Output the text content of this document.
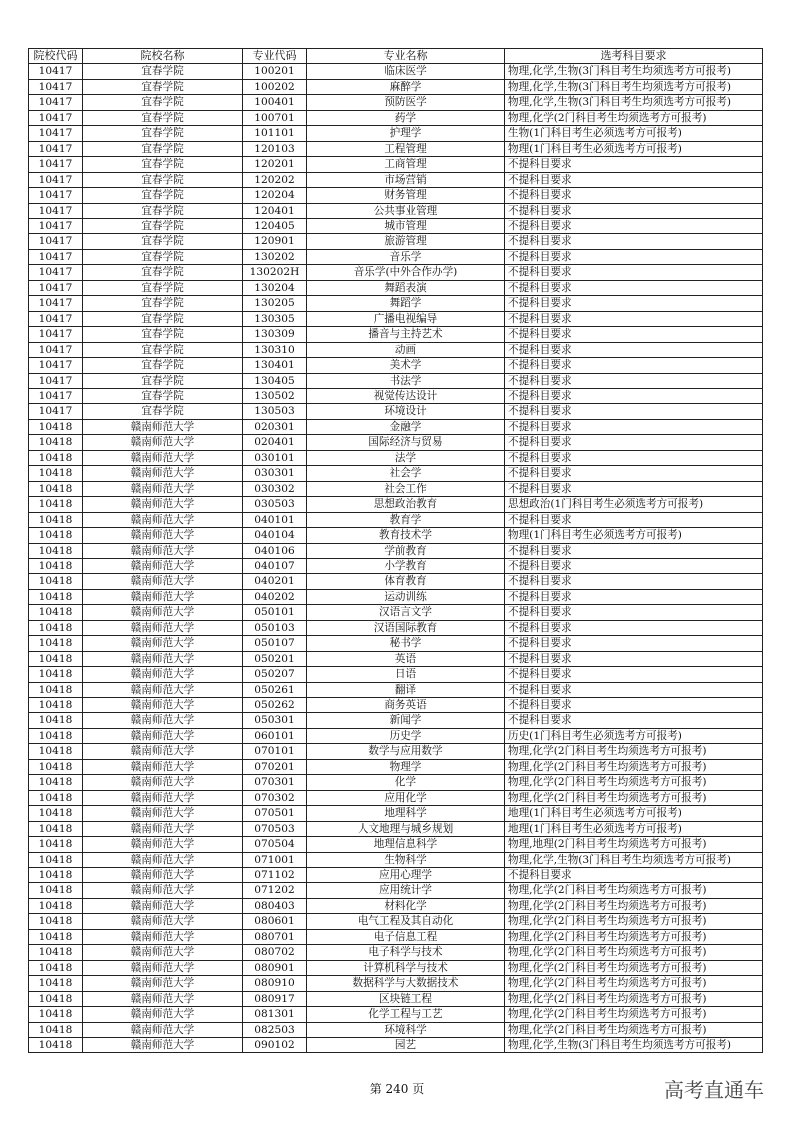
院校代码	院校名称	专业代码	专业名称	选考科目要求
10417	宜春学院	100201	临床医学	物理,化学,生物(3门科目考生均须选考方可报考)
10417	宜春学院	100202	麻醉学	物理,化学,生物(3门科目考生均须选考方可报考)
10417	宜春学院	100401	预防医学	物理,化学,生物(3门科目考生均须选考方可报考)
10417	宜春学院	100701	药学	物理,化学(2门科目考生均须选考方可报考)
10417	宜春学院	101101	护理学	生物(1门科目考生必须选考方可报考)
10417	宜春学院	120103	工程管理	物理(1门科目考生必须选考方可报考)
10417	宜春学院	120201	工商管理	不提科目要求
10417	宜春学院	120202	市场营销	不提科目要求
10417	宜春学院	120204	财务管理	不提科目要求
10417	宜春学院	120401	公共事业管理	不提科目要求
10417	宜春学院	120405	城市管理	不提科目要求
10417	宜春学院	120901	旅游管理	不提科目要求
10417	宜春学院	130202	音乐学	不提科目要求
10417	宜春学院	130202H	音乐学(中外合作办学)	不提科目要求
10417	宜春学院	130204	舞蹈表演	不提科目要求
10417	宜春学院	130205	舞蹈学	不提科目要求
10417	宜春学院	130305	广播电视编导	不提科目要求
10417	宜春学院	130309	播音与主持艺术	不提科目要求
10417	宜春学院	130310	动画	不提科目要求
10417	宜春学院	130401	美术学	不提科目要求
10417	宜春学院	130405	书法学	不提科目要求
10417	宜春学院	130502	视觉传达设计	不提科目要求
10417	宜春学院	130503	环境设计	不提科目要求
10418	赣南师范大学	020301	金融学	不提科目要求
10418	赣南师范大学	020401	国际经济与贸易	不提科目要求
10418	赣南师范大学	030101	法学	不提科目要求
10418	赣南师范大学	030301	社会学	不提科目要求
10418	赣南师范大学	030302	社会工作	不提科目要求
10418	赣南师范大学	030503	思想政治教育	思想政治(1门科目考生必须选考方可报考)
10418	赣南师范大学	040101	教育学	不提科目要求
10418	赣南师范大学	040104	教育技术学	物理(1门科目考生必须选考方可报考)
10418	赣南师范大学	040106	学前教育	不提科目要求
10418	赣南师范大学	040107	小学教育	不提科目要求
10418	赣南师范大学	040201	体育教育	不提科目要求
10418	赣南师范大学	040202	运动训练	不提科目要求
10418	赣南师范大学	050101	汉语言文学	不提科目要求
10418	赣南师范大学	050103	汉语国际教育	不提科目要求
10418	赣南师范大学	050107	秘书学	不提科目要求
10418	赣南师范大学	050201	英语	不提科目要求
10418	赣南师范大学	050207	日语	不提科目要求
10418	赣南师范大学	050261	翻译	不提科目要求
10418	赣南师范大学	050262	商务英语	不提科目要求
10418	赣南师范大学	050301	新闻学	不提科目要求
10418	赣南师范大学	060101	历史学	历史(1门科目考生必须选考方可报考)
10418	赣南师范大学	070101	数学与应用数学	物理,化学(2门科目考生均须选考方可报考)
10418	赣南师范大学	070201	物理学	物理,化学(2门科目考生均须选考方可报考)
10418	赣南师范大学	070301	化学	物理,化学(2门科目考生均须选考方可报考)
10418	赣南师范大学	070302	应用化学	物理,化学(2门科目考生均须选考方可报考)
10418	赣南师范大学	070501	地理科学	地理(1门科目考生必须选考方可报考)
10418	赣南师范大学	070503	人文地理与城乡规划	地理(1门科目考生必须选考方可报考)
10418	赣南师范大学	070504	地理信息科学	物理,地理(2门科目考生均须选考方可报考)
10418	赣南师范大学	071001	生物科学	物理,化学,生物(3门科目考生均须选考方可报考)
10418	赣南师范大学	071102	应用心理学	不提科目要求
10418	赣南师范大学	071202	应用统计学	物理,化学(2门科目考生均须选考方可报考)
10418	赣南师范大学	080403	材料化学	物理,化学(2门科目考生均须选考方可报考)
10418	赣南师范大学	080601	电气工程及其自动化	物理,化学(2门科目考生均须选考方可报考)
10418	赣南师范大学	080701	电子信息工程	物理,化学(2门科目考生均须选考方可报考)
10418	赣南师范大学	080702	电子科学与技术	物理,化学(2门科目考生均须选考方可报考)
10418	赣南师范大学	080901	计算机科学与技术	物理,化学(2门科目考生均须选考方可报考)
10418	赣南师范大学	080910	数据科学与大数据技术	物理,化学(2门科目考生均须选考方可报考)
10418	赣南师范大学	080917	区块链工程	物理,化学(2门科目考生均须选考方可报考)
10418	赣南师范大学	081301	化学工程与工艺	物理,化学(2门科目考生均须选考方可报考)
10418	赣南师范大学	082503	环境科学	物理,化学(2门科目考生均须选考方可报考)
10418	赣南师范大学	090102	园艺	物理,化学,生物(3门科目考生均须选考方可报考)
第 240 页	高考直通车
